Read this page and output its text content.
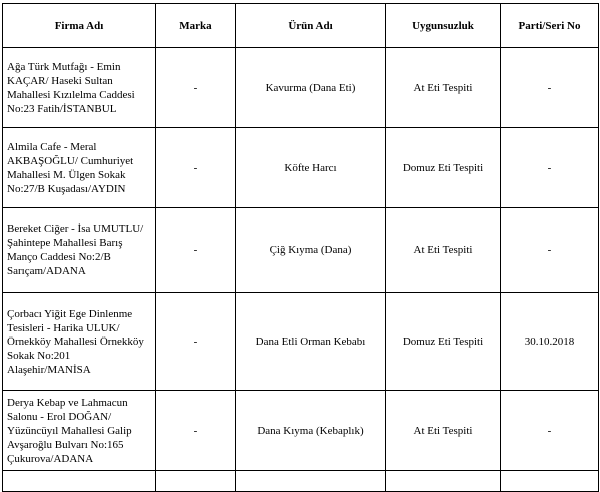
Firma Adı	Marka	Ürün Adı	Uygunsuzluk	Parti/Seri No
Ağa Türk Mutfağı - Emin KAÇAR/ Haseki Sultan Mahallesi Kızılelma Caddesi No:23 Fatih/İSTANBUL	-	Kavurma (Dana Eti)	At Eti Tespiti	-
Almila Cafe - Meral AKBAŞOĞLU/ Cumhuriyet Mahallesi M. Ülgen Sokak No:27/B Kuşadası/AYDIN	-	Köfte Harcı	Domuz Eti Tespiti	-
Bereket Ciğer - İsa UMUTLU/ Şahintepe Mahallesi Barış Manço Caddesi No:2/B Sarıçam/ADANA	-	Çiğ Kıyma (Dana)	At Eti Tespiti	-
Çorbacı Yiğit Ege Dinlenme Tesisleri - Harika ULUK/ Örnekköy Mahallesi Örnekköy Sokak No:201 Alaşehir/MANİSA	-	Dana Etli Orman Kebabı	Domuz Eti Tespiti	30.10.2018
Derya Kebap ve Lahmacun Salonu - Erol DOĞAN/ Yüzüncüyıl Mahallesi Galip Avşaroğlu Bulvarı No:165 Çukurova/ADANA	-	Dana Kıyma (Kebaplık)	At Eti Tespiti	-
